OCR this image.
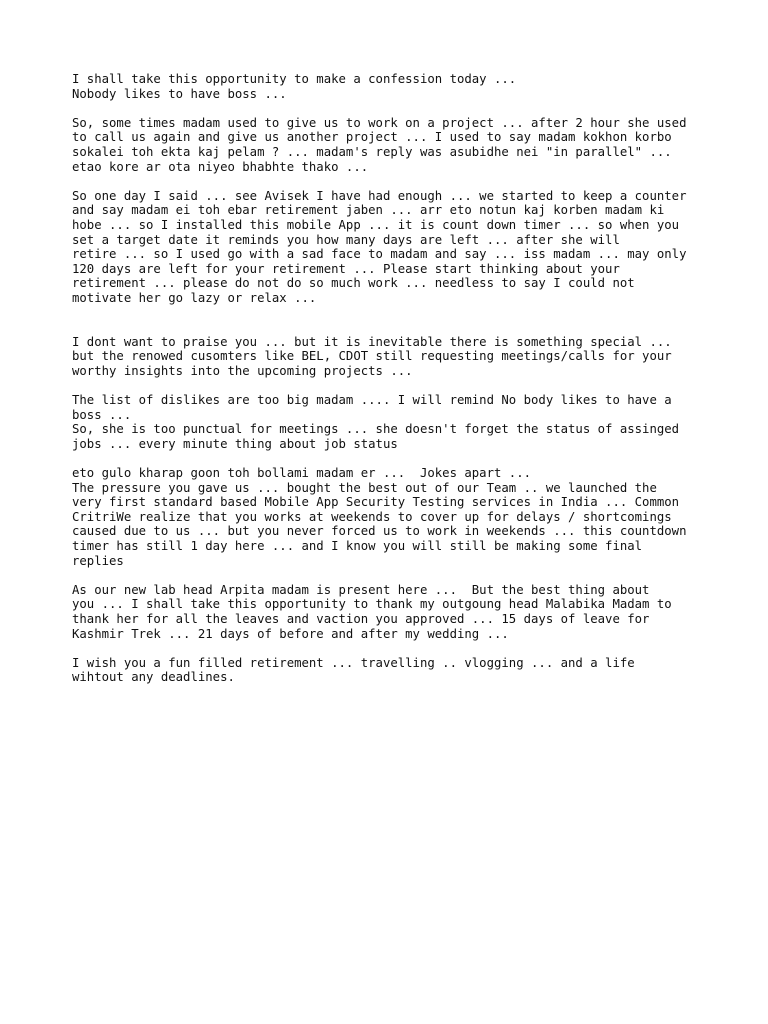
I shall take this opportunity to make a confession today ...
Nobody likes to have boss ...
So, some times madam used to give us to work on a project ... after 2 hour she used
to call us again and give us another project ... I used to say madam kokhon korbo
sokalei toh ekta kaj pelam ? ... madam's reply was asubidhe nei "in parallel" ...
etao kore ar ota niyeo bhabhte thako ...
So one day I said ... see Avisek I have had enough ... we started to keep a counter
and say madam ei toh ebar retirement jaben ... arr eto notun kaj korben madam ki
hobe ... so I installed this mobile App ... it is count down timer ... so when you
set a target date it reminds you how many days are left ... after she will
retire ... so I used go with a sad face to madam and say ... iss madam ... may only
120 days are left for your retirement ... Please start thinking about your
retirement ... please do not do so much work ... needless to say I could not
motivate her go lazy or relax ...
I dont want to praise you ... but it is inevitable there is something special ...
but the renowed cusomters like BEL, CDOT still requesting meetings/calls for your
worthy insights into the upcoming projects ...
The list of dislikes are too big madam .... I will remind No body likes to have a
boss ...
So, she is too punctual for meetings ... she doesn't forget the status of assinged
jobs ... every minute thing about job status
eto gulo kharap goon toh bollami madam er ...  Jokes apart ...
The pressure you gave us ... bought the best out of our Team .. we launched the
very first standard based Mobile App Security Testing services in India ... Common
CritriWe realize that you works at weekends to cover up for delays / shortcomings
caused due to us ... but you never forced us to work in weekends ... this countdown
timer has still 1 day here ... and I know you will still be making some final
replies
As our new lab head Arpita madam is present here ...  But the best thing about
you ... I shall take this opportunity to thank my outgoung head Malabika Madam to
thank her for all the leaves and vaction you approved ... 15 days of leave for
Kashmir Trek ... 21 days of before and after my wedding ...
I wish you a fun filled retirement ... travelling .. vlogging ... and a life
wihtout any deadlines.
